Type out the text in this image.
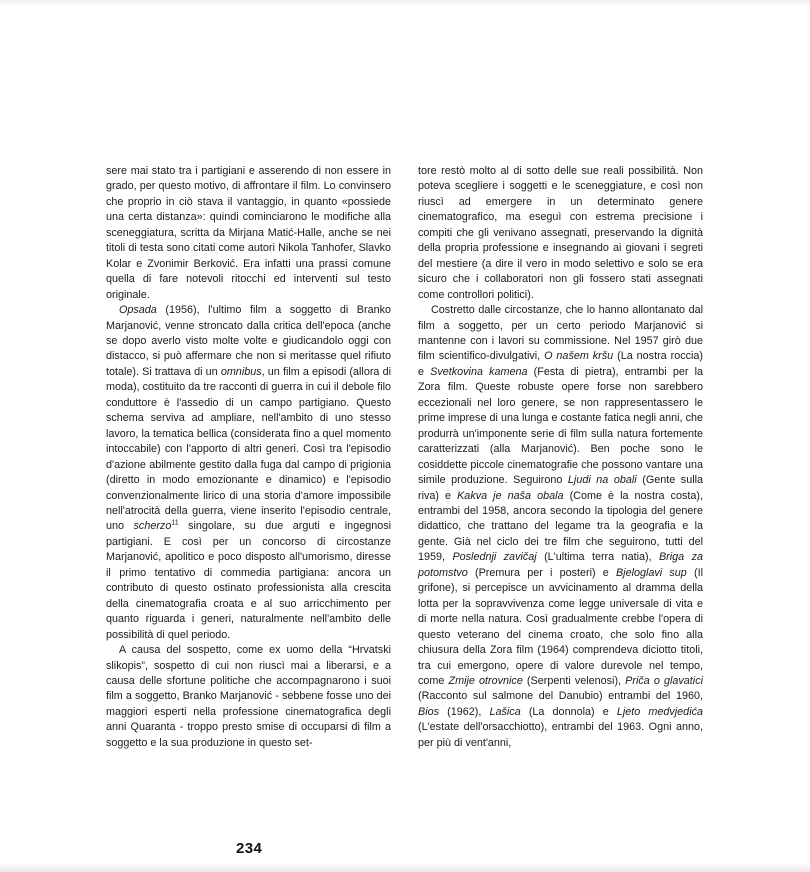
sere mai stato tra i partigiani e asserendo di non essere in grado, per questo motivo, di affrontare il film. Lo convinsero che proprio in ciò stava il vantaggio, in quanto «possiede una certa distanza»: quindi cominciarono le modifiche alla sceneggiatura, scritta da Mirjana Matić-Halle, anche se nei titoli di testa sono citati come autori Nikola Tanhofer, Slavko Kolar e Zvonimir Berković. Era infatti una prassi comune quella di fare notevoli ritocchi ed interventi sul testo originale.

Opsada (1956), l'ultimo film a soggetto di Branko Marjanović, venne stroncato dalla critica dell'epoca (anche se dopo averlo visto molte volte e giudicandolo oggi con distacco, si può affermare che non si meritasse quel rifiuto totale). Si trattava di un omnibus, un film a episodi (allora di moda), costituito da tre racconti di guerra in cui il debole filo conduttore è l'assedio di un campo partigiano. Questo schema serviva ad ampliare, nell'ambito di uno stesso lavoro, la tematica bellica (considerata fino a quel momento intoccabile) con l'apporto di altri generi. Così tra l'episodio d'azione abilmente gestito dalla fuga dal campo di prigionia (diretto in modo emozionante e dinamico) e l'episodio convenzionalmente lirico di una storia d'amore impossibile nell'atrocità della guerra, viene inserito l'episodio centrale, uno scherzo$^{11}$ singolare, su due arguti e ingegnosi partigiani. E così per un concorso di circostanze Marjanović, apolitico e poco disposto all'umorismo, diresse il primo tentativo di commedia partigiana: ancora un contributo di questo ostinato professionista alla crescita della cinematografia croata e al suo arricchimento per quanto riguarda i generi, naturalmente nell'ambito delle possibilità di quel periodo.

A causa del sospetto, come ex uomo della “Hrvatski slikopis”, sospetto di cui non riuscì mai a liberarsi, e a causa delle sfortune politiche che accompagnarono i suoi film a soggetto, Branko Marjanović - sebbene fosse uno dei maggiori esperti nella professione cinematografica degli anni Quaranta - troppo presto smise di occuparsi di film a soggetto e la sua produzione in questo set-

tore restò molto al di sotto delle sue reali possibilità. Non poteva scegliere i soggetti e le sceneggiature, e così non riuscì ad emergere in un determinato genere cinematografico, ma eseguì con estrema precisione i compiti che gli venivano assegnati, preservando la dignità della propria professione e insegnando ai giovani i segreti del mestiere (a dire il vero in modo selettivo e solo se era sicuro che i collaboratori non gli fossero stati assegnati come controllori politici).

Costretto dalle circostanze, che lo hanno allontanato dal film a soggetto, per un certo periodo Marjanović si mantenne con i lavori su commissione. Nel 1957 girò due film scientifico-divulgativi, O našem kršu (La nostra roccia) e Svetkovina kamena (Festa di pietra), entrambi per la Zora film. Queste robuste opere forse non sarebbero eccezionali nel loro genere, se non rappresentassero le prime imprese di una lunga e costante fatica negli anni, che produrrà un'imponente serie di film sulla natura fortemente caratterizzati (alla Marjanović). Ben poche sono le cosiddette piccole cinematografie che possono vantare una simile produzione. Seguirono Ljudi na obali (Gente sulla riva) e Kakva je naša obala (Come è la nostra costa), entrambi del 1958, ancora secondo la tipologia del genere didattico, che trattano del legame tra la geografia e la gente. Già nel ciclo dei tre film che seguirono, tutti del 1959, Poslednji zavičaj (L'ultima terra natia), Briga za potomstvo (Premura per i posteri) e Bjeloglavi sup (Il grifone), si percepisce un avvicinamento al dramma della lotta per la sopravvivenza come legge universale di vita e di morte nella natura. Così gradualmente crebbe l'opera di questo veterano del cinema croato, che solo fino alla chiusura della Zora film (1964) comprendeva diciotto titoli, tra cui emergono, opere di valore durevole nel tempo, come Zmije otrovnice (Serpenti velenosi), Priča o glavatici (Racconto sul salmone del Danubio) entrambi del 1960, Bios (1962), Lašica (La donnola) e Ljeto medvjedića (L'estate dell'orsacchiotto), entrambi del 1963. Ogni anno, per più di vent'anni,

234
